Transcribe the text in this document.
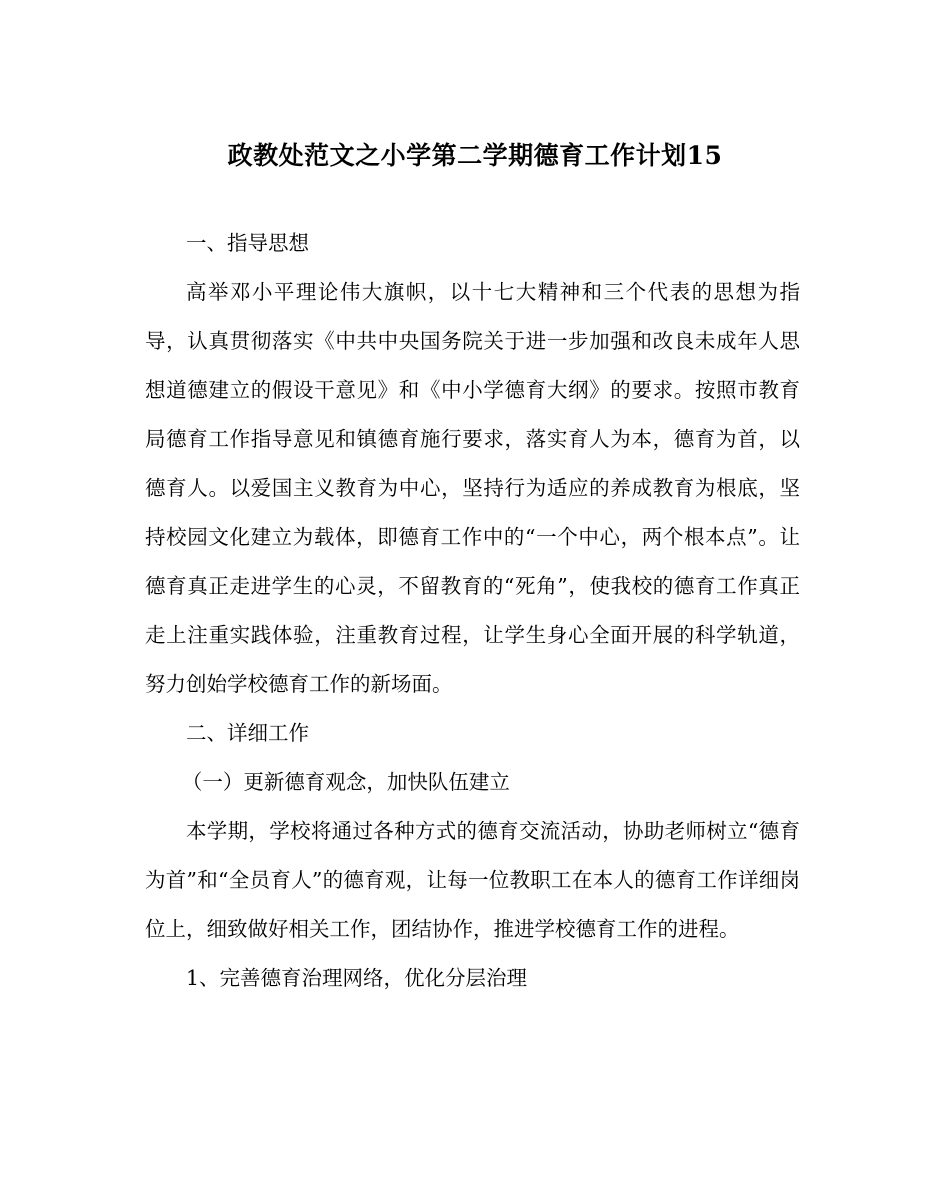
政教处范文之小学第二学期德育工作计划15

一、指导思想

高举邓小平理论伟大旗帜，以十七大精神和三个代表的思想为指导，认真贯彻落实《中共中央国务院关于进一步加强和改良未成年人思想道德建立的假设干意见》和《中小学德育大纲》的要求。按照市教育局德育工作指导意见和镇德育施行要求，落实育人为本，德育为首，以德育人。以爱国主义教育为中心，坚持行为适应的养成教育为根底，坚持校园文化建立为载体，即德育工作中的“一个中心，两个根本点”。让德育真正走进学生的心灵，不留教育的“死角”，使我校的德育工作真正走上注重实践体验，注重教育过程，让学生身心全面开展的科学轨道，努力创始学校德育工作的新场面。

二、详细工作

（一）更新德育观念，加快队伍建立

本学期，学校将通过各种方式的德育交流活动，协助老师树立“德育为首”和“全员育人”的德育观，让每一位教职工在本人的德育工作详细岗位上，细致做好相关工作，团结协作，推进学校德育工作的进程。

1、完善德育治理网络，优化分层治理
